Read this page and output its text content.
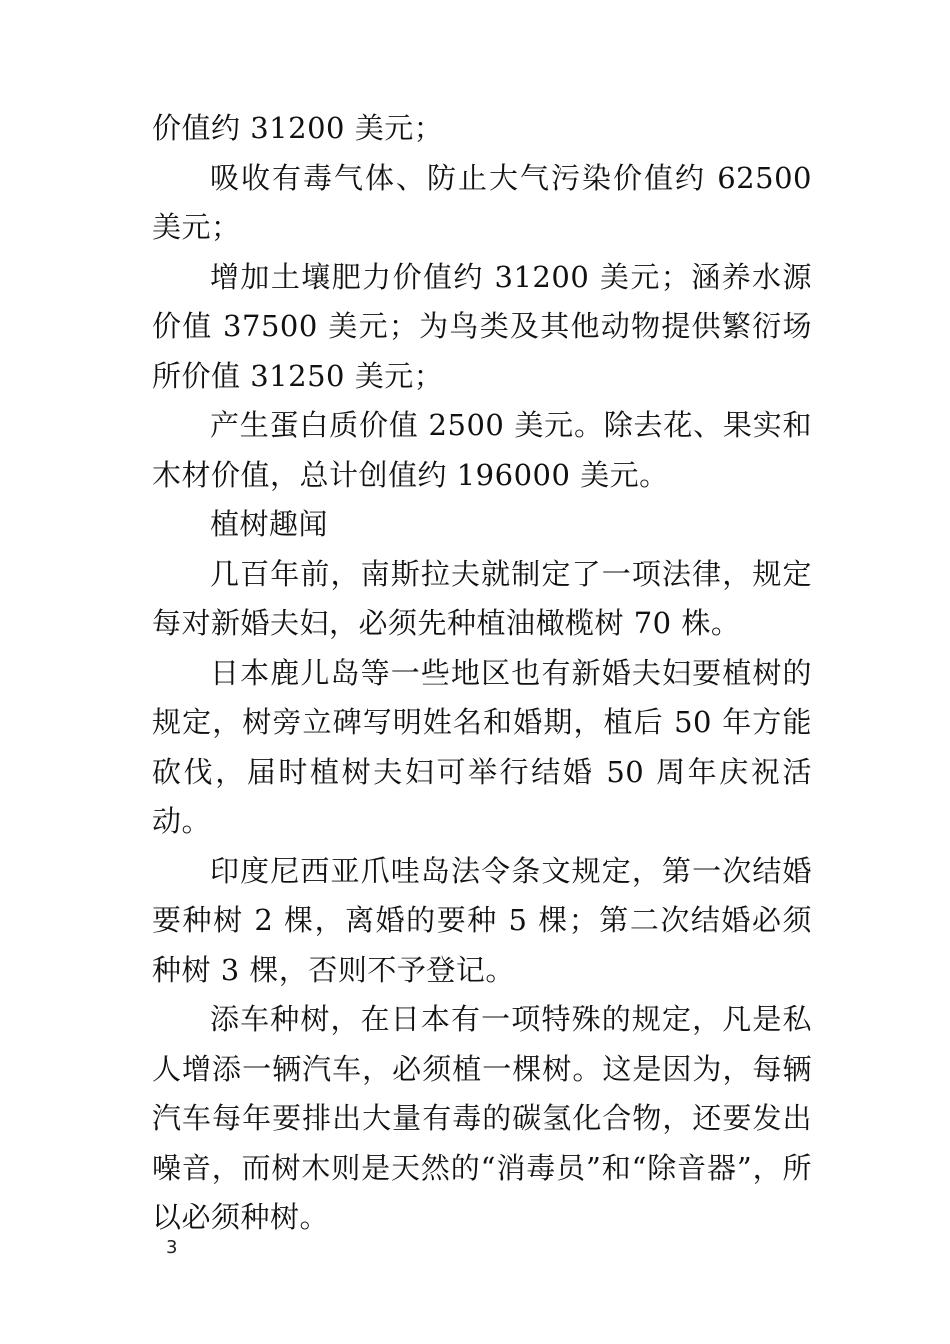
价值约 31200 美元；

吸收有毒气体、防止大气污染价值约 62500 美元；

增加土壤肥力价值约 31200 美元；涵养水源价值 37500 美元；为鸟类及其他动物提供繁衍场所价值 31250 美元；

产生蛋白质价值 2500 美元。除去花、果实和木材价值，总计创值约 196000 美元。

植树趣闻

几百年前，南斯拉夫就制定了一项法律，规定每对新婚夫妇，必须先种植油橄榄树 70 株。

日本鹿儿岛等一些地区也有新婚夫妇要植树的规定，树旁立碑写明姓名和婚期，植后 50 年方能砍伐，届时植树夫妇可举行结婚 50 周年庆祝活动。

印度尼西亚爪哇岛法令条文规定，第一次结婚要种树 2 棵，离婚的要种 5 棵；第二次结婚必须种树 3 棵，否则不予登记。

添车种树，在日本有一项特殊的规定，凡是私人增添一辆汽车，必须植一棵树。这是因为，每辆汽车每年要排出大量有毒的碳氢化合物，还要发出噪音，而树木则是天然的“消毒员”和“除音器”，所以必须种树。

3
